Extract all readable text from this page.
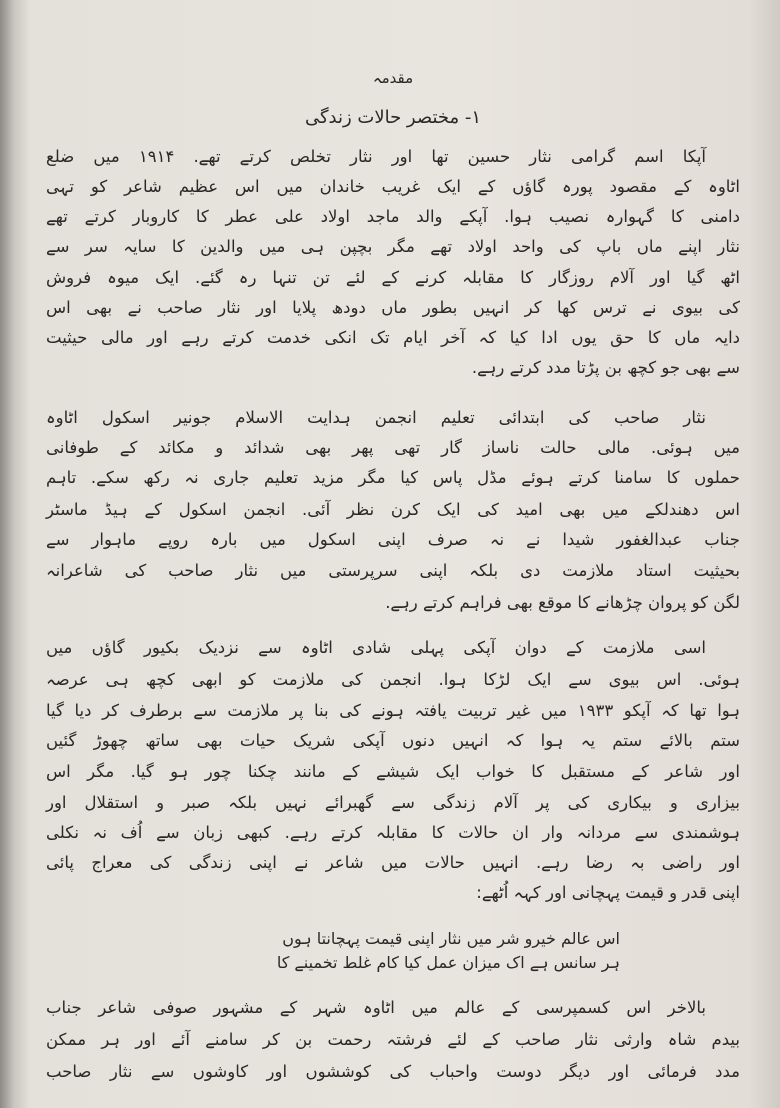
مقدمہ
۱- مختصر حالات زندگی
آپکا اسم گرامی نثار حسین تھا اور نثار تخلص کرتے تھے. ۱۹۱۴ میں ضلع
اٹاوہ کے مقصود پورہ گاؤں کے ایک غریب خاندان میں اس عظیم شاعر کو تہی
دامنی کا گہوارہ نصیب ہوا. آپکے والد ماجد اولاد علی عطر کا کاروبار کرتے تھے
نثار اپنے ماں باپ کی واحد اولاد تھے مگر بچپن ہی میں والدین کا سایہ سر سے
اٹھ گیا اور آلام روزگار کا مقابلہ کرنے کے لئے تن تنہا رہ گئے. ایک میوہ فروش
کی بیوی نے ترس کھا کر انہیں بطور ماں دودھ پلایا اور نثار صاحب نے بھی اس
دایہ ماں کا حق یوں ادا کیا کہ آخر ایام تک انکی خدمت کرتے رہے اور مالی حیثیت
سے بھی جو کچھ بن پڑتا مدد کرتے رہے.
نثار صاحب کی ابتدائی تعلیم انجمن ہدایت الاسلام جونیر اسکول اٹاوہ
میں ہوئی. مالی حالت ناساز گار تھی پھر بھی شدائد و مکائد کے طوفانی
حملوں کا سامنا کرتے ہوئے مڈل پاس کیا مگر مزید تعلیم جاری نہ رکھ سکے. تاہم
اس دھندلکے میں بھی امید کی ایک کرن نظر آئی. انجمن اسکول کے ہیڈ ماسٹر
جناب عبدالغفور شیدا نے نہ صرف اپنی اسکول میں بارہ روپے ماہوار سے
بحیثیت استاد ملازمت دی بلکہ اپنی سرپرستی میں نثار صاحب کی شاعرانہ
لگن کو پروان چڑھانے کا موقع بھی فراہم کرتے رہے.
اسی ملازمت کے دوان آپکی پہلی شادی اٹاوہ سے نزدیک بکیور گاؤں میں
ہوئی. اس بیوی سے ایک لڑکا ہوا. انجمن کی ملازمت کو ابھی کچھ ہی عرصہ
ہوا تھا کہ آپکو ۱۹۳۳ میں غیر تربیت یافتہ ہونے کی بنا پر ملازمت سے برطرف کر دیا گیا
ستم بالائے ستم یہ ہوا کہ انہیں دنوں آپکی شریک حیات بھی ساتھ چھوڑ گئیں
اور شاعر کے مستقبل کا خواب ایک شیشے کے مانند چکنا چور ہو گیا. مگر اس
بیزاری و بیکاری کی پر آلام زندگی سے گھبرائے نہیں بلکہ صبر و استقلال اور
ہوشمندی سے مردانہ وار ان حالات کا مقابلہ کرتے رہے. کبھی زبان سے اُف نہ نکلی
اور راضی بہ رضا رہے. انہیں حالات میں شاعر نے اپنی زندگی کی معراج پائی
اپنی قدر و قیمت پہچانی اور کہہ اُٹھے:
اس عالم خیرو شر میں نثار اپنی قیمت پہچانتا ہوں
ہر سانس ہے اک میزان عمل کیا کام غلط تخمینے کا
بالاخر اس کسمپرسی کے عالم میں اٹاوہ شہر کے مشہور صوفی شاعر جناب
بیدم شاہ وارثی نثار صاحب کے لئے فرشتہ رحمت بن کر سامنے آئے اور ہر ممکن
مدد فرمائی اور دیگر دوست واحباب کی کوششوں اور کاوشوں سے نثار صاحب
